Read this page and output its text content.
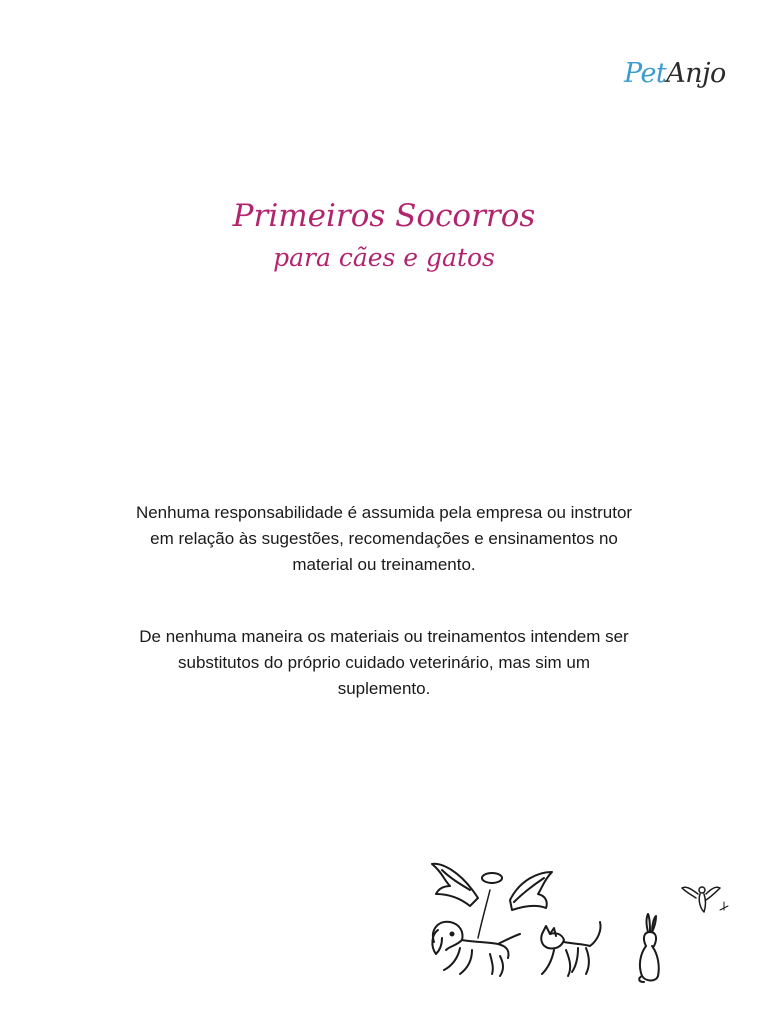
PetAnjo
Primeiros Socorros
para cães e gatos

Nenhuma responsabilidade é assumida pela empresa ou instrutor em relação às sugestões, recomendações e ensinamentos no material ou treinamento.

De nenhuma maneira os materiais ou treinamentos intendem ser substitutos do próprio cuidado veterinário, mas sim um suplemento.
